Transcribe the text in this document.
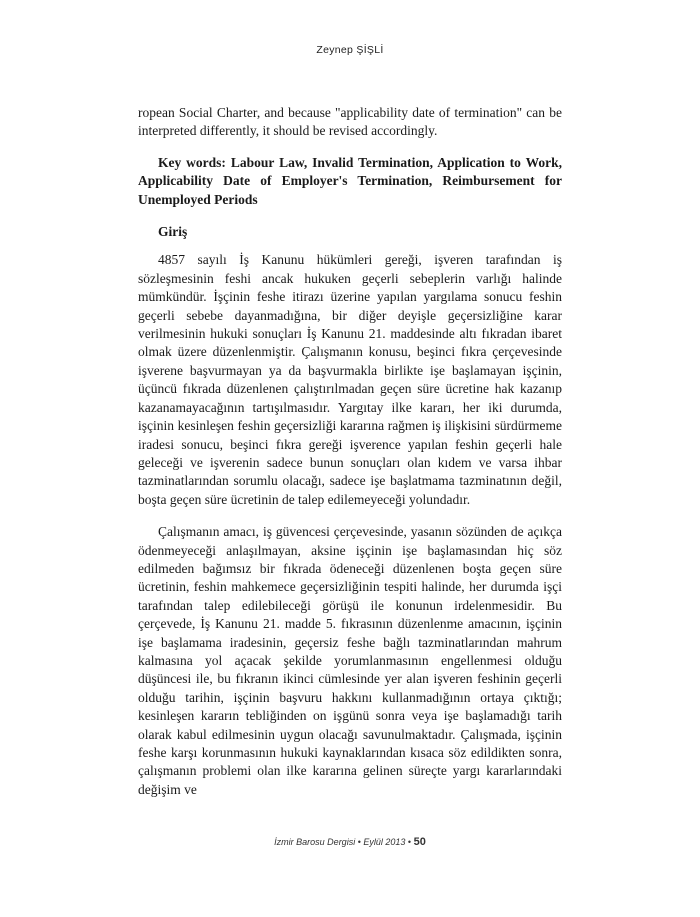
Zeynep ŞİŞLİ

ropean Social Charter, and because "applicability date of termination" can be interpreted differently, it should be revised accordingly.

Key words: Labour Law, Invalid Termination, Application to Work, Applicability Date of Employer's Termination, Reimbursement for Unemployed Periods

Giriş

4857 sayılı İş Kanunu hükümleri gereği, işveren tarafından iş sözleşmesinin feshi ancak hukuken geçerli sebeplerin varlığı halinde mümkündür. İşçinin feshe itirazı üzerine yapılan yargılama sonucu feshin geçerli sebebe dayanmadığına, bir diğer deyişle geçersizliğine karar verilmesinin hukuki sonuçları İş Kanunu 21. maddesinde altı fıkradan ibaret olmak üzere düzenlenmiştir. Çalışmanın konusu, beşinci fıkra çerçevesinde işverene başvurmayan ya da başvurmakla birlikte işe başlamayan işçinin, üçüncü fıkrada düzenlenen çalıştırılmadan geçen süre ücretine hak kazanıp kazanamayacağının tartışılmasıdır. Yargıtay ilke kararı, her iki durumda, işçinin kesinleşen feshin geçersizliği kararına rağmen iş ilişkisini sürdürmeme iradesi sonucu, beşinci fıkra gereği işverence yapılan feshin geçerli hale geleceği ve işverenin sadece bunun sonuçları olan kıdem ve varsa ihbar tazminatlarından sorumlu olacağı, sadece işe başlatmama tazminatının değil, boşta geçen süre ücretinin de talep edilemeyeceği yolundadır.

Çalışmanın amacı, iş güvencesi çerçevesinde, yasanın sözünden de açıkça ödenmeyeceği anlaşılmayan, aksine işçinin işe başlamasından hiç söz edilmeden bağımsız bir fıkrada ödeneceği düzenlenen boşta geçen süre ücretinin, feshin mahkemece geçersizliğinin tespiti halinde, her durumda işçi tarafından talep edilebileceği görüşü ile konunun irdelenmesidir. Bu çerçevede, İş Kanunu 21. madde 5. fıkrasının düzenlenme amacının, işçinin işe başlamama iradesinin, geçersiz feshe bağlı tazminatlarından mahrum kalmasına yol açacak şekilde yorumlanmasının engellenmesi olduğu düşüncesi ile, bu fıkranın ikinci cümlesinde yer alan işveren feshinin geçerli olduğu tarihin, işçinin başvuru hakkını kullanmadığının ortaya çıktığı; kesinleşen kararın tebliğinden on işgünü sonra veya işe başlamadığı tarih olarak kabul edilmesinin uygun olacağı savunulmaktadır. Çalışmada, işçinin feshe karşı korunmasının hukuki kaynaklarından kısaca söz edildikten sonra, çalışmanın problemi olan ilke kararına gelinen süreçte yargı kararlarındaki değişim ve

İzmir Barosu Dergisi • Eylül 2013 • 50
